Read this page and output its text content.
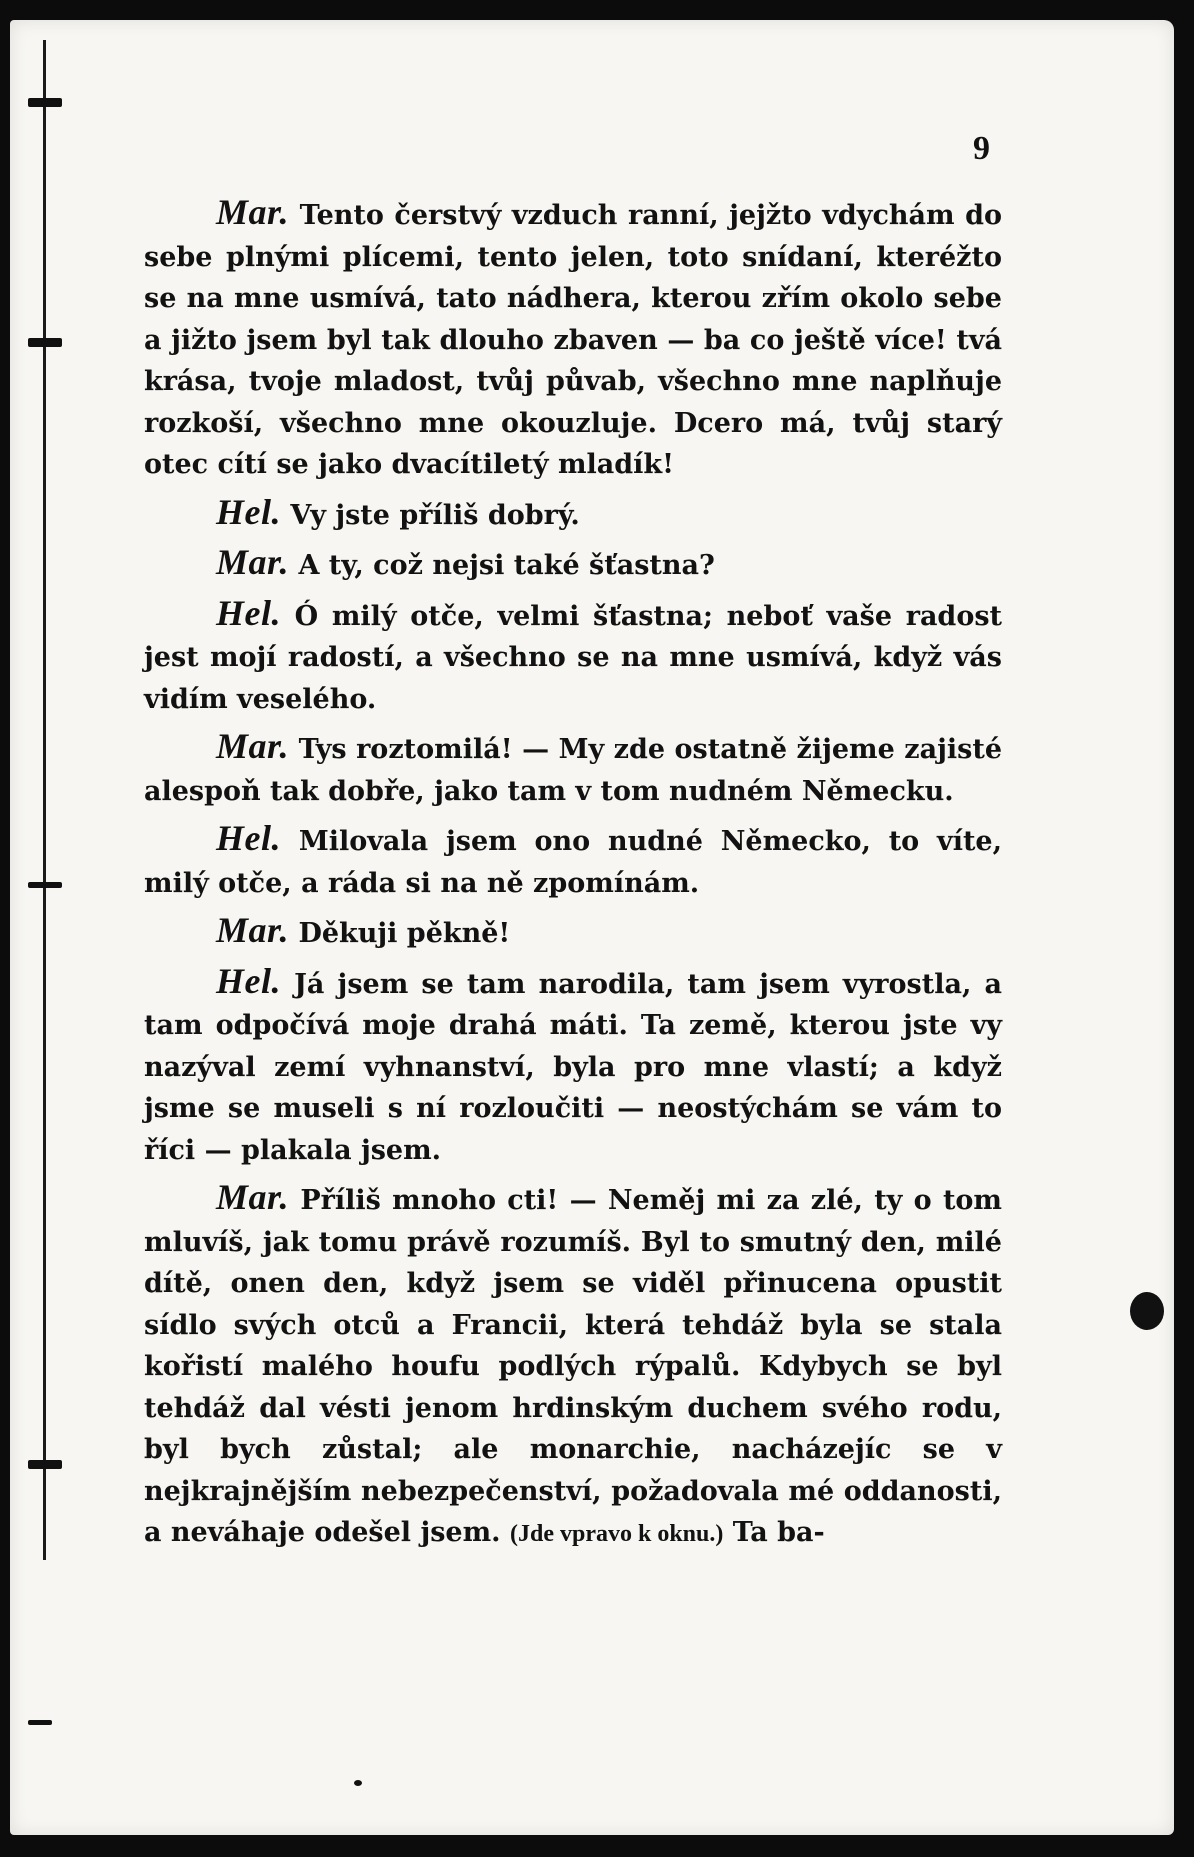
9

Mar. Tento čerstvý vzduch ranní, jejžto vdychám do sebe plnými plícemi, tento jelen, toto snídaní, kteréžto se na mne usmívá, tato nádhera, kterou zřím okolo sebe a jižto jsem byl tak dlouho zbaven — ba co ještě více! tvá krása, tvoje mladost, tvůj půvab, všechno mne naplňuje rozkoší, všechno mne okouzluje. Dcero má, tvůj starý otec cítí se jako dvacítiletý mladík!

Hel. Vy jste příliš dobrý.

Mar. A ty, což nejsi také šťastna?

Hel. Ó milý otče, velmi šťastna; neboť vaše radost jest mojí radostí, a všechno se na mne usmívá, když vás vidím veselého.

Mar. Tys roztomilá! — My zde ostatně žijeme zajisté alespoň tak dobře, jako tam v tom nudném Německu.

Hel. Milovala jsem ono nudné Německo, to víte, milý otče, a ráda si na ně zpomínám.

Mar. Děkuji pěkně!

Hel. Já jsem se tam narodila, tam jsem vyrostla, a tam odpočívá moje drahá máti. Ta země, kterou jste vy nazýval zemí vyhnanství, byla pro mne vlastí; a když jsme se museli s ní rozloučiti — neostýchám se vám to říci — plakala jsem.

Mar. Příliš mnoho cti! — Neměj mi za zlé, ty o tom mluvíš, jak tomu právě rozumíš. Byl to smutný den, milé dítě, onen den, když jsem se viděl přinucena opustit sídlo svých otců a Francii, která tehdáž byla se stala kořistí malého houfu podlých rýpalů. Kdybych se byl tehdáž dal vésti jenom hrdinským duchem svého rodu, byl bych zůstal; ale monarchie, nacházejíc se v nejkrajnějším nebezpečenství, požadovala mé oddanosti, a neváhaje odešel jsem. (Jde vpravo k oknu.) Ta ba-
